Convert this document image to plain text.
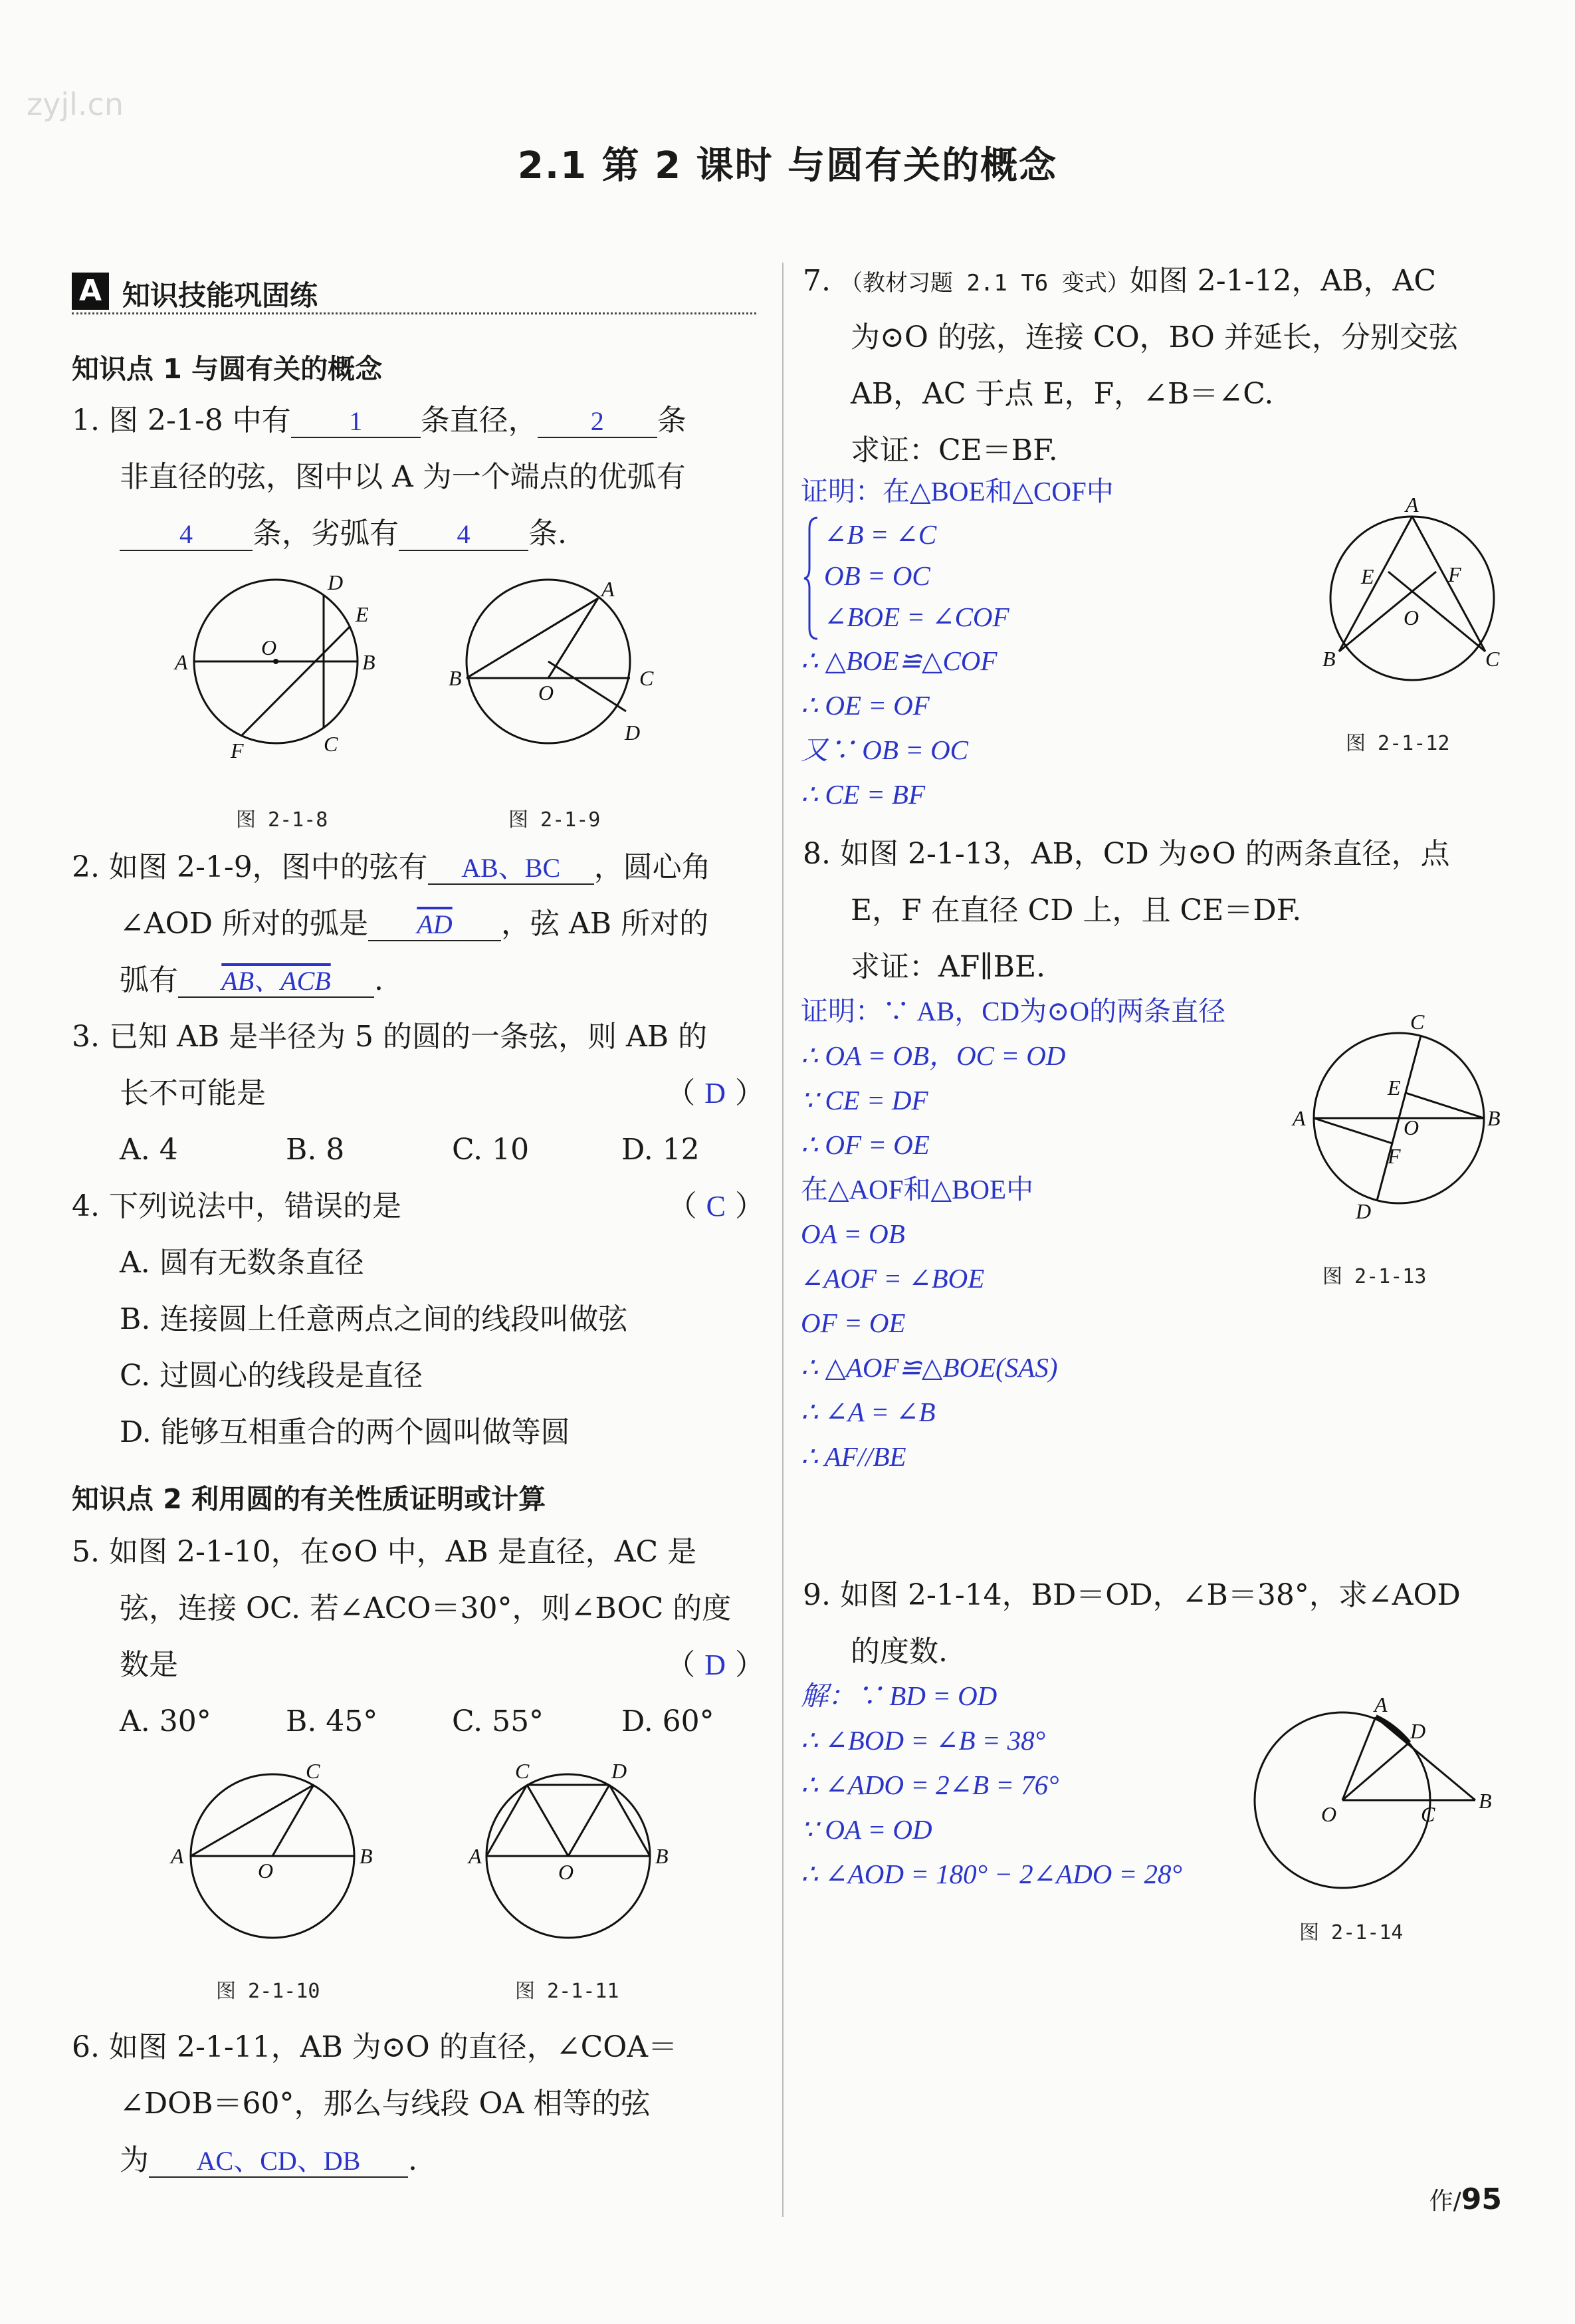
zyjl.cn
2.1 第 2 课时 与圆有关的概念
A 知识技能巩固练
知识点 1 与圆有关的概念
1. 图 2-1-8 中有 1 条直径， 2 条
非直径的弦，图中以 A 为一个端点的优弧有
4 条，劣弧有 4 条.
A
O
B
D
E
F	C
图 2-1-8
A
B
O
C
D
图 2-1-9
2. 如图 2-1-9，图中的弦有 AB、BC ，圆心角
∠AOD 所对的弧是 $\overline{AD}$ ，弦 AB 所对的
弧有 AB、ACB .
3. 已知 AB 是半径为 5 的圆的一条弦，则 AB 的
长不可能是	（ D ）
A. 4	B. 8	C. 10	D. 12
4. 下列说法中，错误的是	（ C ）
A. 圆有无数条直径
B. 连接圆上任意两点之间的线段叫做弦
C. 过圆心的线段是直径
D. 能够互相重合的两个圆叫做等圆
知识点 2 利用圆的有关性质证明或计算
5. 如图 2-1-10，在⊙O 中，AB 是直径，AC 是
弦，连接 OC. 若∠ACO＝30°，则∠BOC 的度
数是	（ D ）
A. 30°	B. 45°	C. 55°	D. 60°
A
O
B
C
图 2-1-10
A
O
B
C	D
图 2-1-11
6. 如图 2-1-11，AB 为⊙O 的直径，∠COA＝
∠DOB＝60°，那么与线段 OA 相等的弦
为 AC、CD、DB .
7. （教材习题 2.1 T6 变式）如图 2-1-12，AB，AC
为⊙O 的弦，连接 CO，BO 并延长，分别交弦
AB，AC 于点 E，F，∠B＝∠C.
求证：CE＝BF.
证明：在△BOE和△COF中
∠B = ∠C
OB = OC
∠BOE = ∠COF
∴ △BOE≌△COF
∴ OE = OF
又∵ OB = OC
∴ CE = BF
A
E	F
O
B	C
图 2-1-12
8. 如图 2-1-13，AB，CD 为⊙O 的两条直径，点
E，F 在直径 CD 上，且 CE＝DF.
求证：AF∥BE.
证明：∵ AB，CD为⊙O的两条直径
∴ OA = OB，OC = OD
∵ CE = DF
∴ OF = OE
在△AOF和△BOE中
OA = OB
∠AOF = ∠BOE
OF = OE
∴ △AOF≌△BOE(SAS)
∴ ∠A = ∠B
∴ AF//BE
A	B
C
D
E
F
O
图 2-1-13
9. 如图 2-1-14，BD＝OD，∠B＝38°，求∠AOD
的度数.
解：∵ BD = OD
∴ ∠BOD = ∠B = 38°
∴ ∠ADO = 2∠B = 76°
∵ OA = OD
∴ ∠AOD = 180° − 2∠ADO = 28°
A
D
O	C
B
图 2-1-14
作/95
